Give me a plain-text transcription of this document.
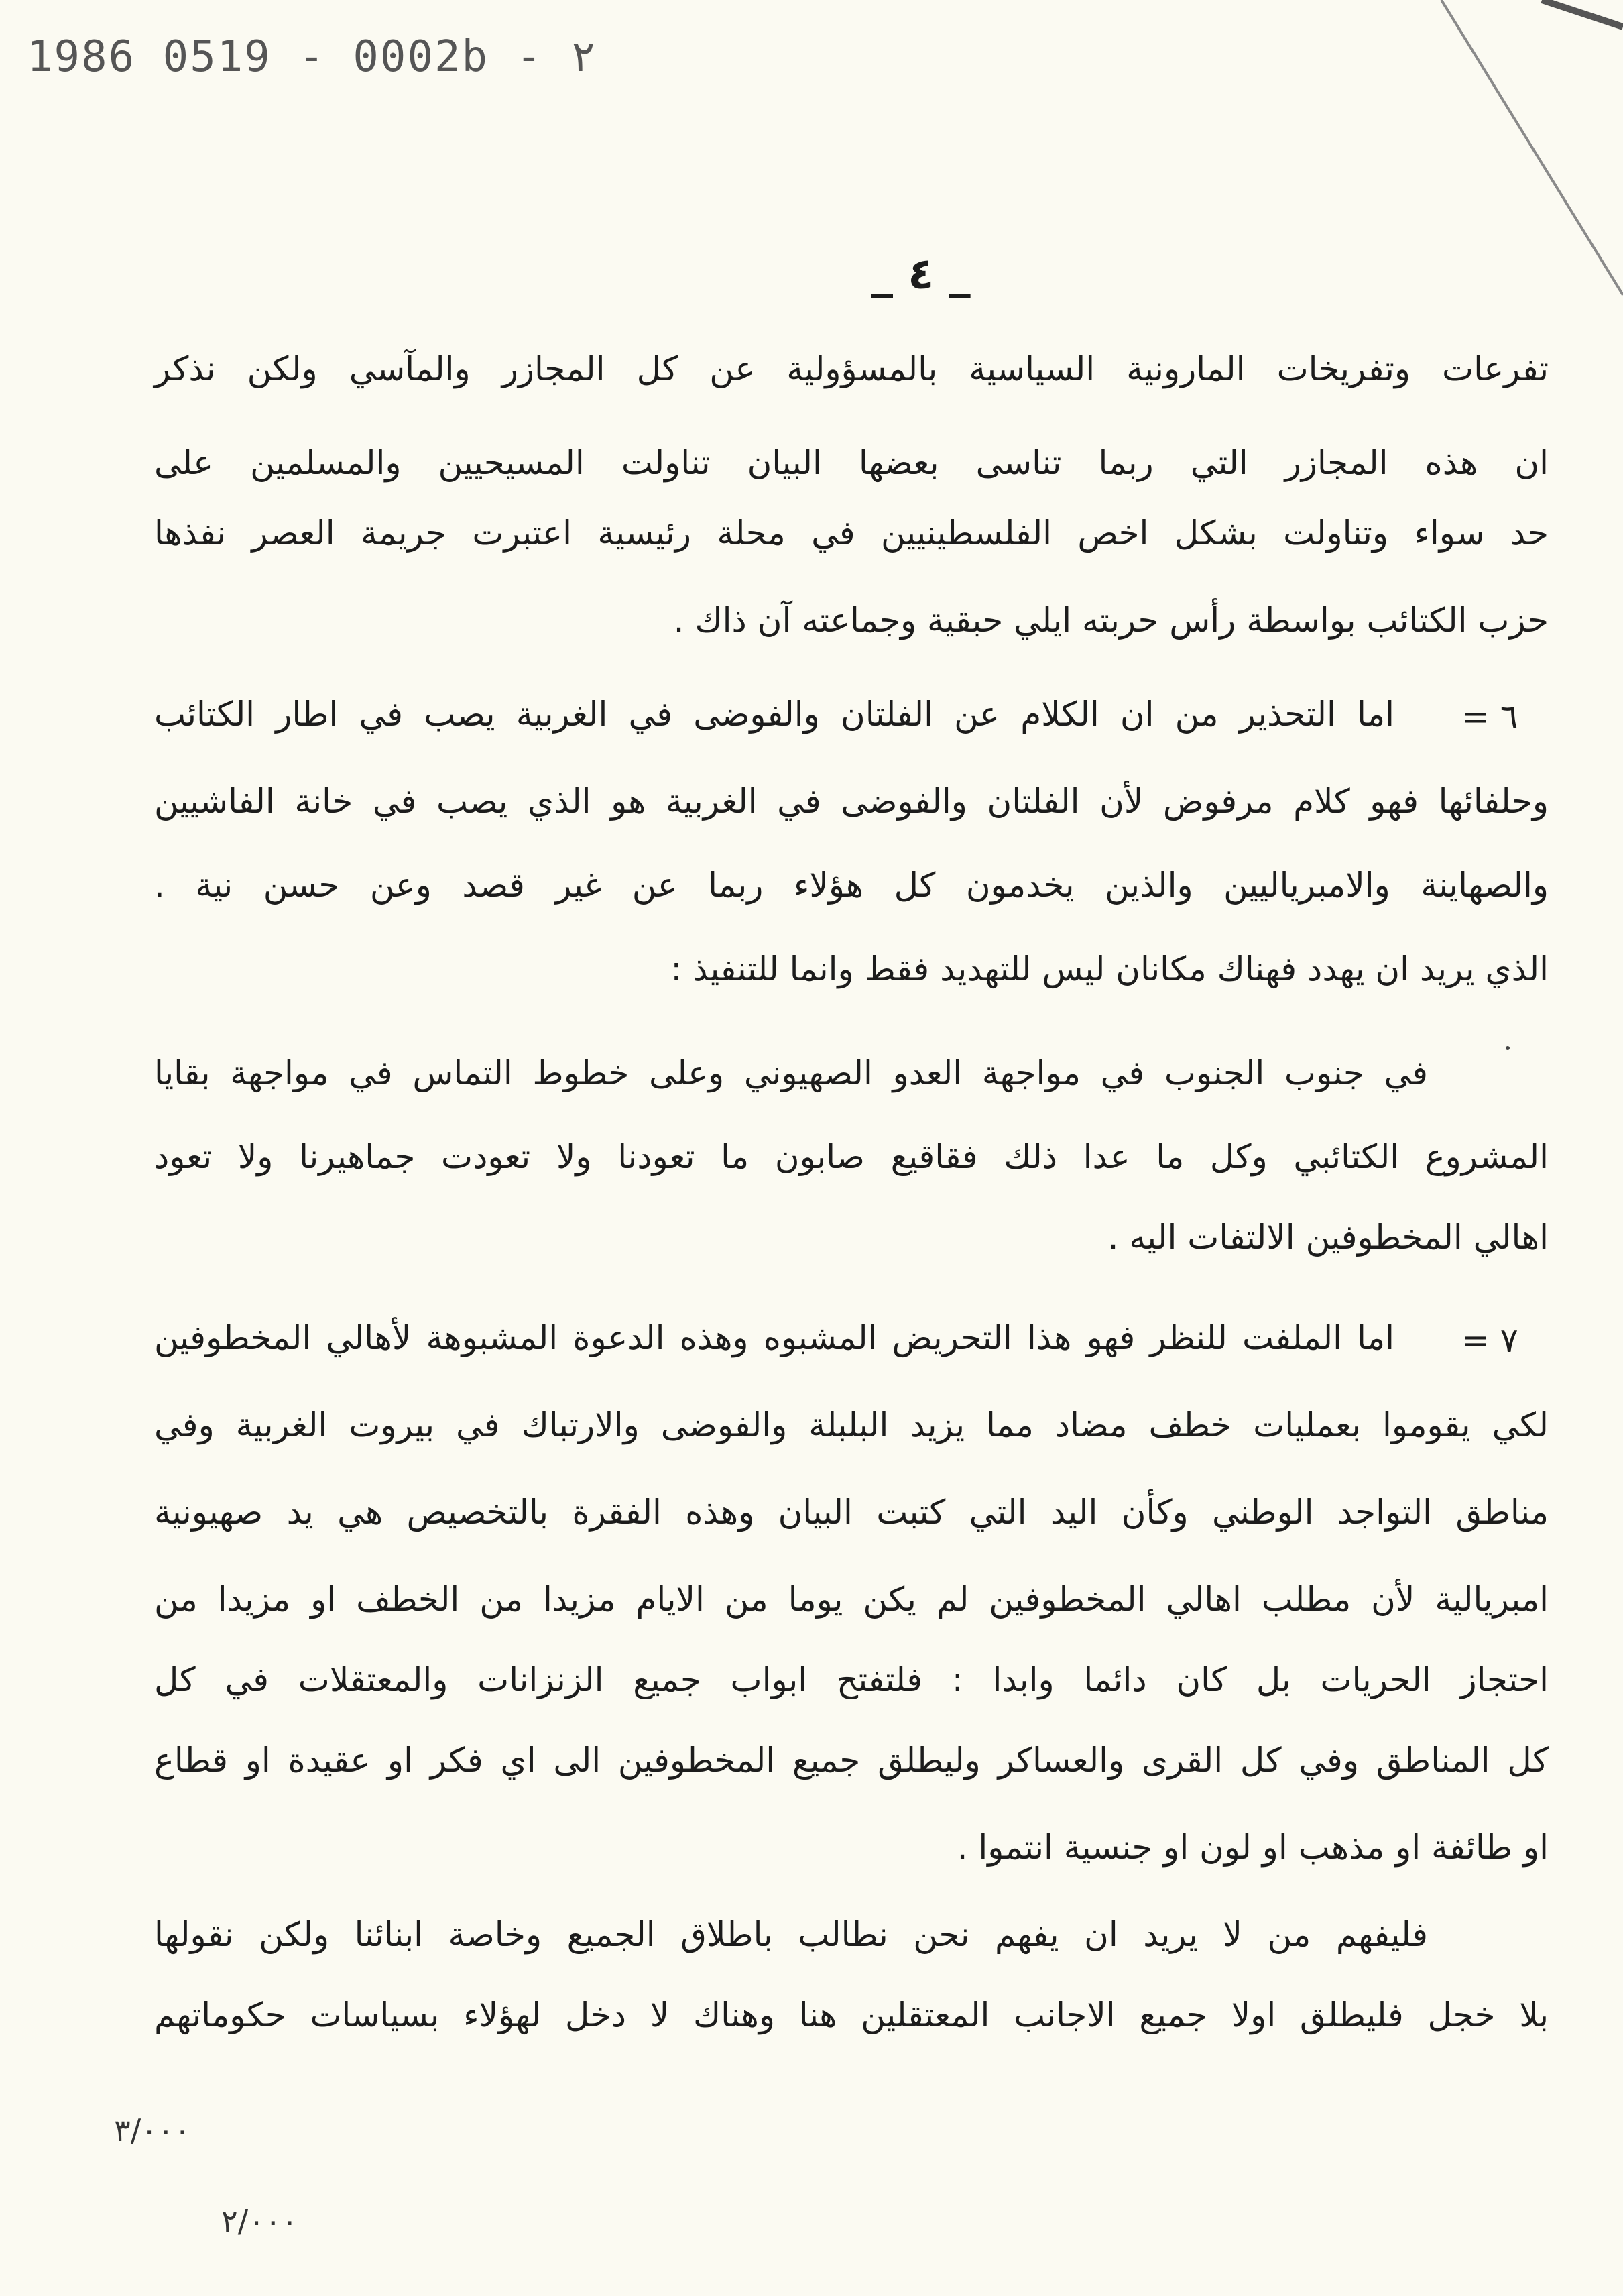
1986 0519 - 0002b - ٢
_ ٤ _
تفرعات وتفريخات المارونية السياسية بالمسؤولية عن كل المجازر والمآسي ولكن نذكر
ان هذه المجازر التي ربما تناسى بعضها البيان تناولت المسيحيين والمسلمين على
حد سواء وتناولت بشكل اخص الفلسطينيين في محلة رئيسية اعتبرت جريمة العصر نفذها
حزب الكتائب بواسطة رأس حربته ايلي حبقية وجماعته آن ذاك .
اما التحذير من ان الكلام عن الفلتان والفوضى في الغربية يصب في اطار الكتائب
وحلفائها فهو كلام مرفوض لأن الفلتان والفوضى في الغربية هو الذي يصب في خانة الفاشيين
والصهاينة والامبرياليين والذين يخدمون كل هؤلاء ربما عن غير قصد وعن حسن نية .
الذي يريد ان يهدد فهناك مكانان ليس للتهديد فقط وانما للتنفيذ :
في جنوب الجنوب في مواجهة العدو الصهيوني وعلى خطوط التماس في مواجهة بقايا
المشروع الكتائبي وكل ما عدا ذلك فقاقيع صابون ما تعودنا ولا تعودت جماهيرنا ولا تعود
اهالي المخطوفين الالتفات اليه .
اما الملفت للنظر فهو هذا التحريض المشبوه وهذه الدعوة المشبوهة لأهالي المخطوفين
لكي يقوموا بعمليات خطف مضاد مما يزيد البلبلة والفوضى والارتباك في بيروت الغربية وفي
مناطق التواجد الوطني وكأن اليد التي كتبت البيان وهذه الفقرة بالتخصيص هي يد صهيونية
امبريالية لأن مطلب اهالي المخطوفين لم يكن يوما من الايام مزيدا من الخطف او مزيدا من
احتجاز الحريات بل كان دائما وابدا : فلتفتح ابواب جميع الزنزانات والمعتقلات في كل
كل المناطق وفي كل القرى والعساكر وليطلق جميع المخطوفين الى اي فكر او عقيدة او قطاع
او طائفة او مذهب او لون او جنسية انتموا .
فليفهم من لا يريد ان يفهم نحن نطالب باطلاق الجميع وخاصة ابنائنا ولكن نقولها
بلا خجل فليطلق اولا جميع الاجانب المعتقلين هنا وهناك لا دخل لهؤلاء بسياسات حكوماتهم
٦ =
٧ =
٣/٠٠٠
٢/٠٠٠
